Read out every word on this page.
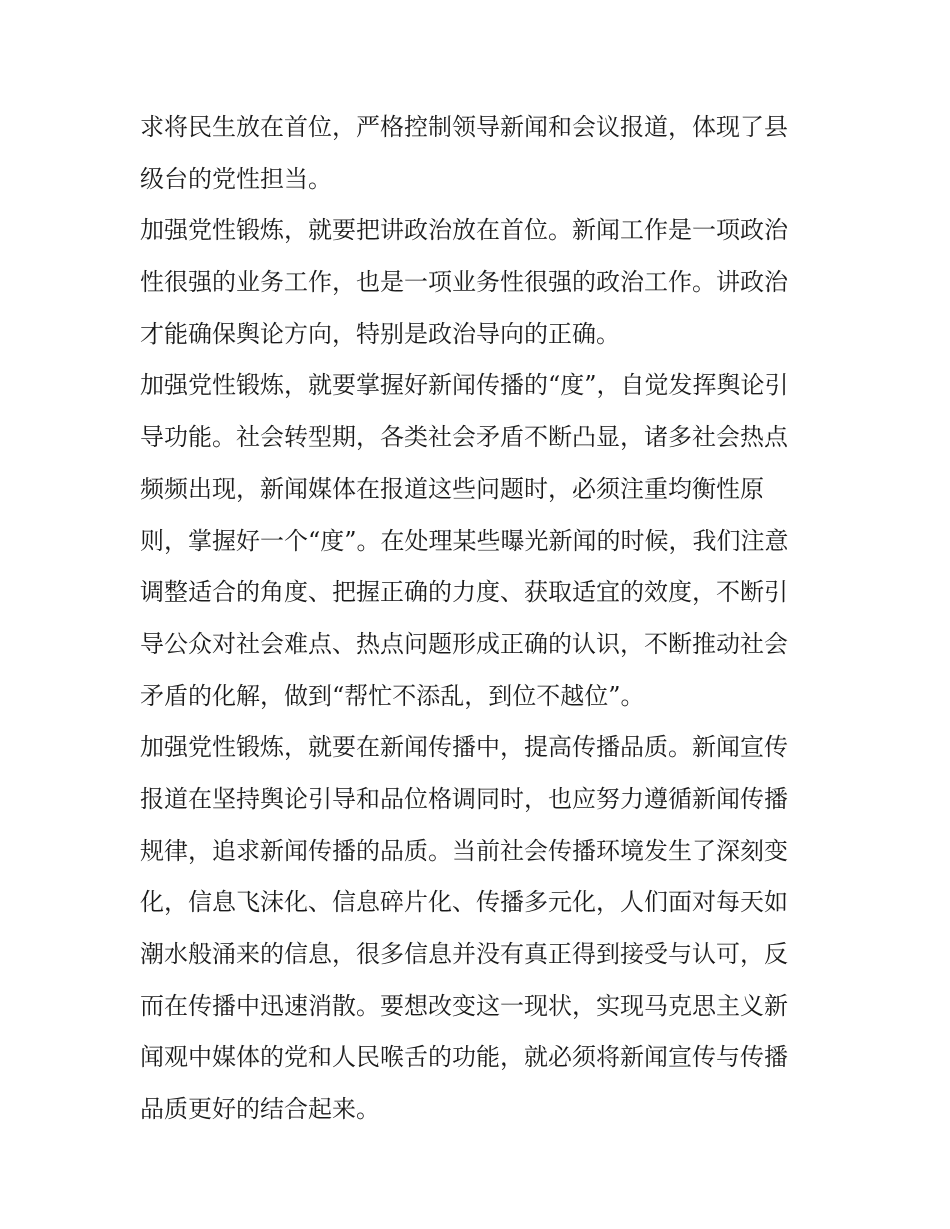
求将民生放在首位，严格控制领导新闻和会议报道，体现了县
级台的党性担当。
加强党性锻炼，就要把讲政治放在首位。新闻工作是一项政治
性很强的业务工作，也是一项业务性很强的政治工作。讲政治
才能确保舆论方向，特别是政治导向的正确。
加强党性锻炼，就要掌握好新闻传播的“度”，自觉发挥舆论引
导功能。社会转型期，各类社会矛盾不断凸显，诸多社会热点
频频出现，新闻媒体在报道这些问题时，必须注重均衡性原
则，掌握好一个“度”。在处理某些曝光新闻的时候，我们注意
调整适合的角度、把握正确的力度、获取适宜的效度，不断引
导公众对社会难点、热点问题形成正确的认识，不断推动社会
矛盾的化解，做到“帮忙不添乱，到位不越位”。
加强党性锻炼，就要在新闻传播中，提高传播品质。新闻宣传
报道在坚持舆论引导和品位格调同时，也应努力遵循新闻传播
规律，追求新闻传播的品质。当前社会传播环境发生了深刻变
化，信息飞沫化、信息碎片化、传播多元化，人们面对每天如
潮水般涌来的信息，很多信息并没有真正得到接受与认可，反
而在传播中迅速消散。要想改变这一现状，实现马克思主义新
闻观中媒体的党和人民喉舌的功能，就必须将新闻宣传与传播
品质更好的结合起来。
